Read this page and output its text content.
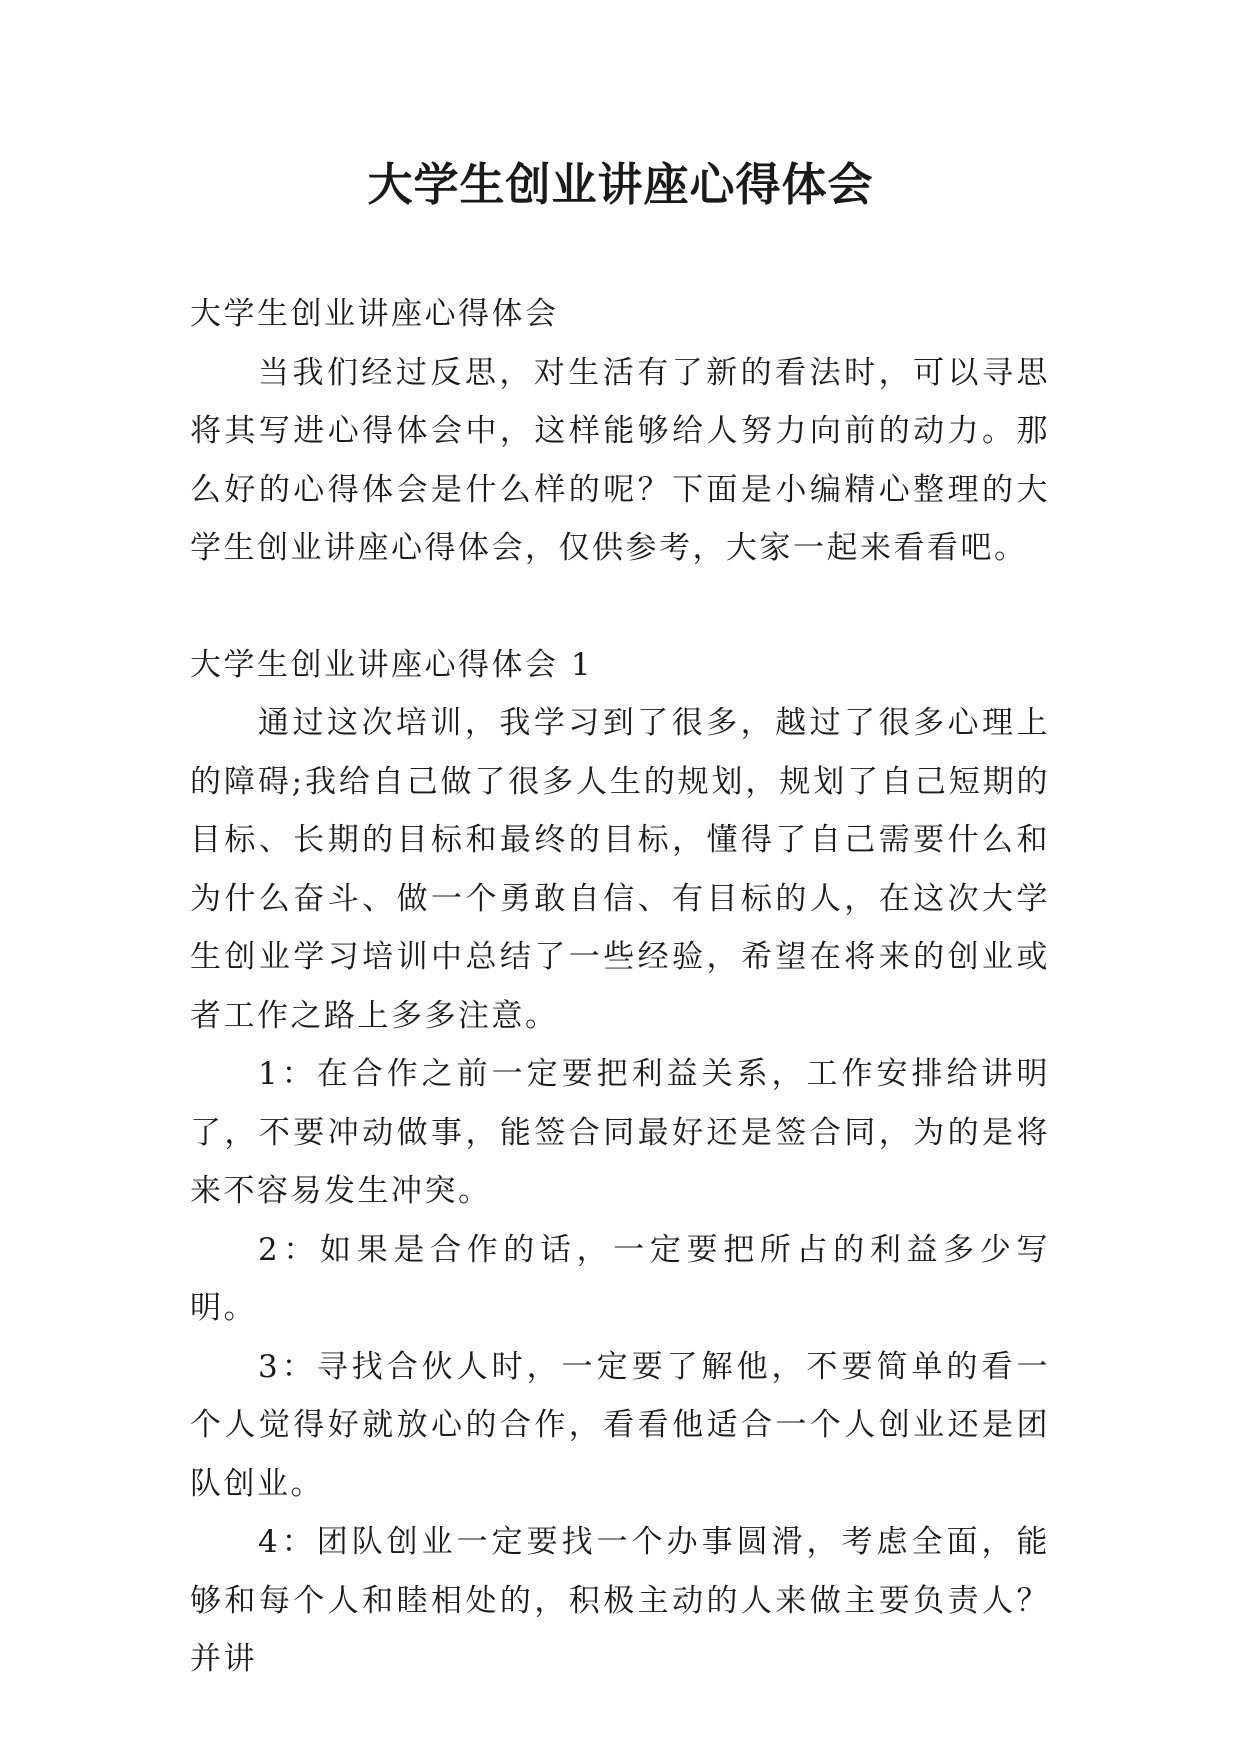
大学生创业讲座心得体会

大学生创业讲座心得体会

当我们经过反思，对生活有了新的看法时，可以寻思将其写进心得体会中，这样能够给人努力向前的动力。那么好的心得体会是什么样的呢？下面是小编精心整理的大学生创业讲座心得体会，仅供参考，大家一起来看看吧。

大学生创业讲座心得体会 1

通过这次培训，我学习到了很多，越过了很多心理上的障碍;我给自己做了很多人生的规划，规划了自己短期的目标、长期的目标和最终的目标，懂得了自己需要什么和为什么奋斗、做一个勇敢自信、有目标的人，在这次大学生创业学习培训中总结了一些经验，希望在将来的创业或者工作之路上多多注意。

1：在合作之前一定要把利益关系，工作安排给讲明了，不要冲动做事，能签合同最好还是签合同，为的是将来不容易发生冲突。

2：如果是合作的话，一定要把所占的利益多少写明。

3：寻找合伙人时，一定要了解他，不要简单的看一个人觉得好就放心的合作，看看他适合一个人创业还是团队创业。

4：团队创业一定要找一个办事圆滑，考虑全面，能够和每个人和睦相处的，积极主动的人来做主要负责人？并讲
